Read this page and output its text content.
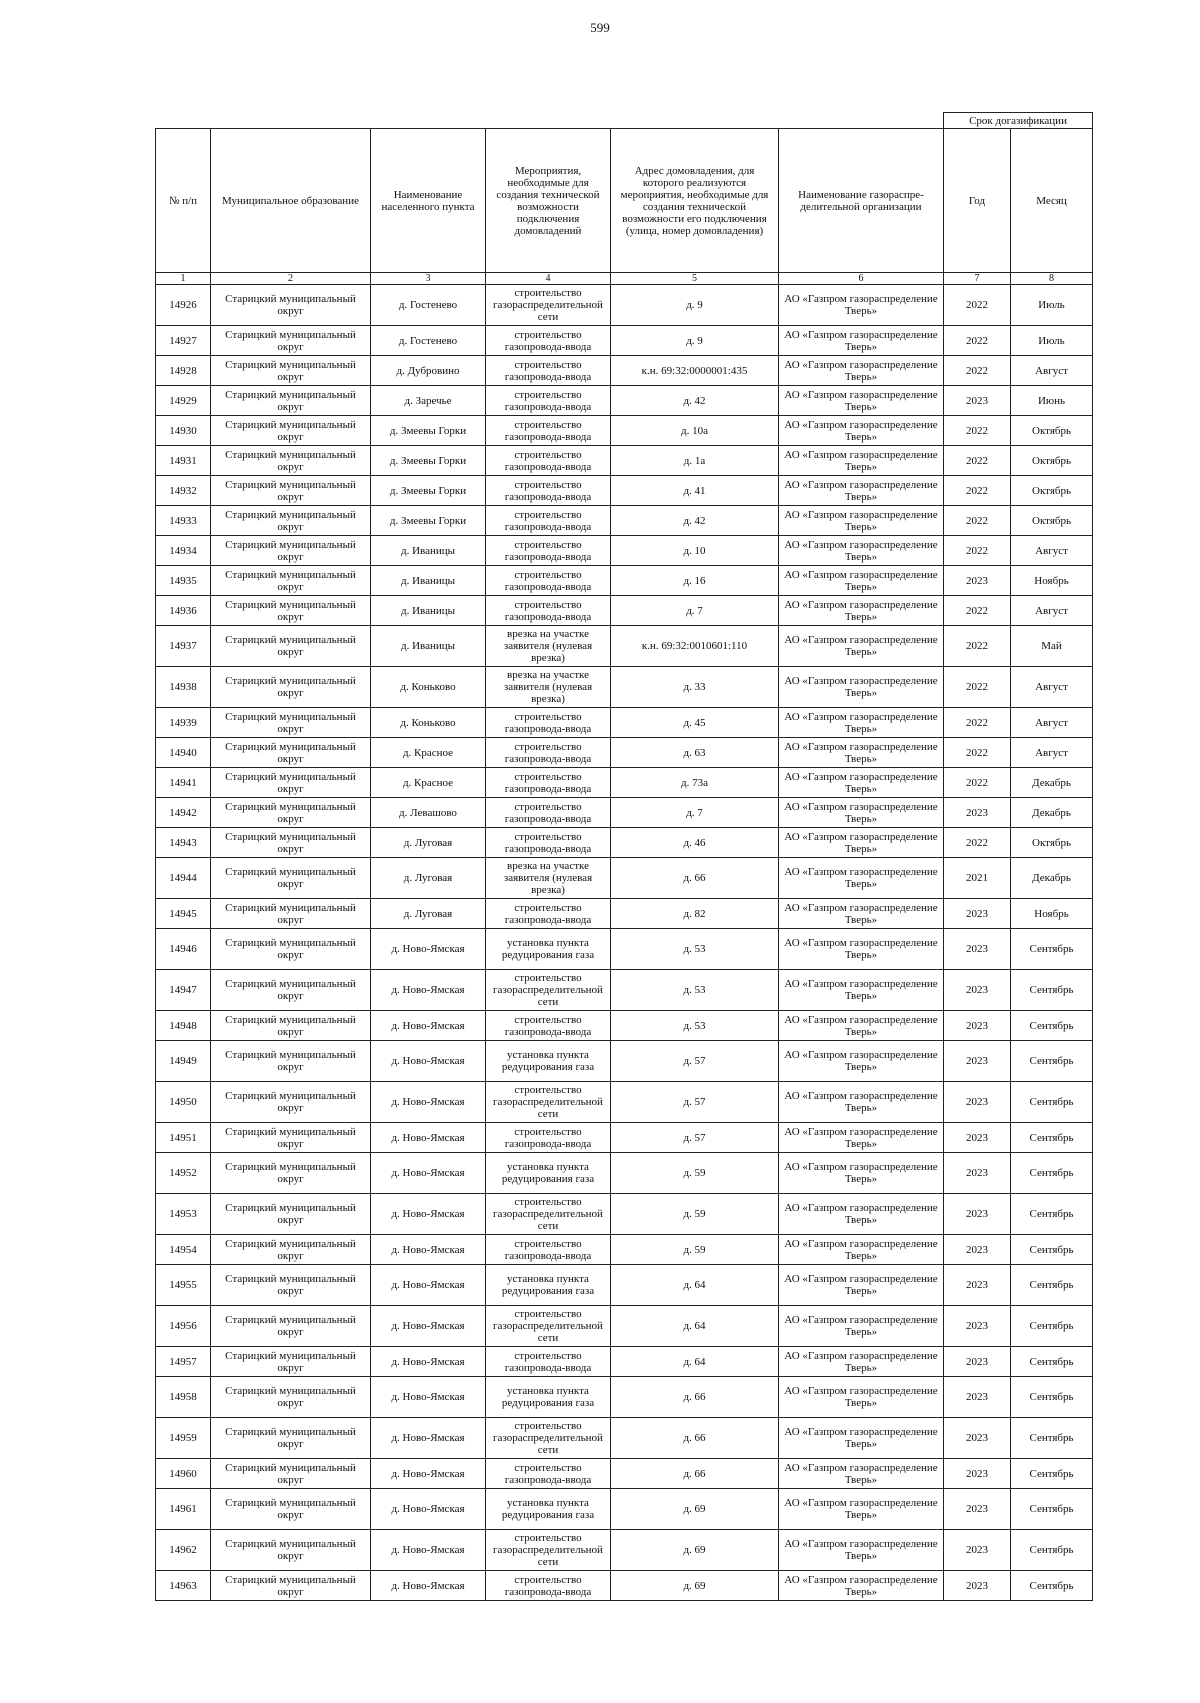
599
						Срок догазификации	
№ п/п	Муниципальное образование	Наименование населенного пункта	Мероприятия, необходимые для создания технической возможности подключения домовладений	Адрес домовладения, для которого реализуются мероприятия, необходимые для создания технической возможности его подключения (улица, номер домовладения)	Наименование газораспре-делительной организации	Год	Месяц
1	2	3	4	5	6	7	8
14926	Старицкий муниципальный округ	д. Гостенево	строительство газораспределительной сети	д. 9	АО «Газпром газораспределение Тверь»	2022	Июль
14927	Старицкий муниципальный округ	д. Гостенево	строительство газопровода-ввода	д. 9	АО «Газпром газораспределение Тверь»	2022	Июль
14928	Старицкий муниципальный округ	д. Дубровино	строительство газопровода-ввода	к.н. 69:32:0000001:435	АО «Газпром газораспределение Тверь»	2022	Август
14929	Старицкий муниципальный округ	д. Заречье	строительство газопровода-ввода	д. 42	АО «Газпром газораспределение Тверь»	2023	Июнь
14930	Старицкий муниципальный округ	д. Змеевы Горки	строительство газопровода-ввода	д. 10а	АО «Газпром газораспределение Тверь»	2022	Октябрь
14931	Старицкий муниципальный округ	д. Змеевы Горки	строительство газопровода-ввода	д. 1а	АО «Газпром газораспределение Тверь»	2022	Октябрь
14932	Старицкий муниципальный округ	д. Змеевы Горки	строительство газопровода-ввода	д. 41	АО «Газпром газораспределение Тверь»	2022	Октябрь
14933	Старицкий муниципальный округ	д. Змеевы Горки	строительство газопровода-ввода	д. 42	АО «Газпром газораспределение Тверь»	2022	Октябрь
14934	Старицкий муниципальный округ	д. Иваницы	строительство газопровода-ввода	д. 10	АО «Газпром газораспределение Тверь»	2022	Август
14935	Старицкий муниципальный округ	д. Иваницы	строительство газопровода-ввода	д. 16	АО «Газпром газораспределение Тверь»	2023	Ноябрь
14936	Старицкий муниципальный округ	д. Иваницы	строительство газопровода-ввода	д. 7	АО «Газпром газораспределение Тверь»	2022	Август
14937	Старицкий муниципальный округ	д. Иваницы	врезка на участке заявителя (нулевая врезка)	к.н. 69:32:0010601:110	АО «Газпром газораспределение Тверь»	2022	Май
14938	Старицкий муниципальный округ	д. Коньково	врезка на участке заявителя (нулевая врезка)	д. 33	АО «Газпром газораспределение Тверь»	2022	Август
14939	Старицкий муниципальный округ	д. Коньково	строительство газопровода-ввода	д. 45	АО «Газпром газораспределение Тверь»	2022	Август
14940	Старицкий муниципальный округ	д. Красное	строительство газопровода-ввода	д. 63	АО «Газпром газораспределение Тверь»	2022	Август
14941	Старицкий муниципальный округ	д. Красное	строительство газопровода-ввода	д. 73а	АО «Газпром газораспределение Тверь»	2022	Декабрь
14942	Старицкий муниципальный округ	д. Левашово	строительство газопровода-ввода	д. 7	АО «Газпром газораспределение Тверь»	2023	Декабрь
14943	Старицкий муниципальный округ	д. Луговая	строительство газопровода-ввода	д. 46	АО «Газпром газораспределение Тверь»	2022	Октябрь
14944	Старицкий муниципальный округ	д. Луговая	врезка на участке заявителя (нулевая врезка)	д. 66	АО «Газпром газораспределение Тверь»	2021	Декабрь
14945	Старицкий муниципальный округ	д. Луговая	строительство газопровода-ввода	д. 82	АО «Газпром газораспределение Тверь»	2023	Ноябрь
14946	Старицкий муниципальный округ	д. Ново-Ямская	установка пункта редуцирования газа	д. 53	АО «Газпром газораспределение Тверь»	2023	Сентябрь
14947	Старицкий муниципальный округ	д. Ново-Ямская	строительство газораспределительной сети	д. 53	АО «Газпром газораспределение Тверь»	2023	Сентябрь
14948	Старицкий муниципальный округ	д. Ново-Ямская	строительство газопровода-ввода	д. 53	АО «Газпром газораспределение Тверь»	2023	Сентябрь
14949	Старицкий муниципальный округ	д. Ново-Ямская	установка пункта редуцирования газа	д. 57	АО «Газпром газораспределение Тверь»	2023	Сентябрь
14950	Старицкий муниципальный округ	д. Ново-Ямская	строительство газораспределительной сети	д. 57	АО «Газпром газораспределение Тверь»	2023	Сентябрь
14951	Старицкий муниципальный округ	д. Ново-Ямская	строительство газопровода-ввода	д. 57	АО «Газпром газораспределение Тверь»	2023	Сентябрь
14952	Старицкий муниципальный округ	д. Ново-Ямская	установка пункта редуцирования газа	д. 59	АО «Газпром газораспределение Тверь»	2023	Сентябрь
14953	Старицкий муниципальный округ	д. Ново-Ямская	строительство газораспределительной сети	д. 59	АО «Газпром газораспределение Тверь»	2023	Сентябрь
14954	Старицкий муниципальный округ	д. Ново-Ямская	строительство газопровода-ввода	д. 59	АО «Газпром газораспределение Тверь»	2023	Сентябрь
14955	Старицкий муниципальный округ	д. Ново-Ямская	установка пункта редуцирования газа	д. 64	АО «Газпром газораспределение Тверь»	2023	Сентябрь
14956	Старицкий муниципальный округ	д. Ново-Ямская	строительство газораспределительной сети	д. 64	АО «Газпром газораспределение Тверь»	2023	Сентябрь
14957	Старицкий муниципальный округ	д. Ново-Ямская	строительство газопровода-ввода	д. 64	АО «Газпром газораспределение Тверь»	2023	Сентябрь
14958	Старицкий муниципальный округ	д. Ново-Ямская	установка пункта редуцирования газа	д. 66	АО «Газпром газораспределение Тверь»	2023	Сентябрь
14959	Старицкий муниципальный округ	д. Ново-Ямская	строительство газораспределительной сети	д. 66	АО «Газпром газораспределение Тверь»	2023	Сентябрь
14960	Старицкий муниципальный округ	д. Ново-Ямская	строительство газопровода-ввода	д. 66	АО «Газпром газораспределение Тверь»	2023	Сентябрь
14961	Старицкий муниципальный округ	д. Ново-Ямская	установка пункта редуцирования газа	д. 69	АО «Газпром газораспределение Тверь»	2023	Сентябрь
14962	Старицкий муниципальный округ	д. Ново-Ямская	строительство газораспределительной сети	д. 69	АО «Газпром газораспределение Тверь»	2023	Сентябрь
14963	Старицкий муниципальный округ	д. Ново-Ямская	строительство газопровода-ввода	д. 69	АО «Газпром газораспределение Тверь»	2023	Сентябрь
